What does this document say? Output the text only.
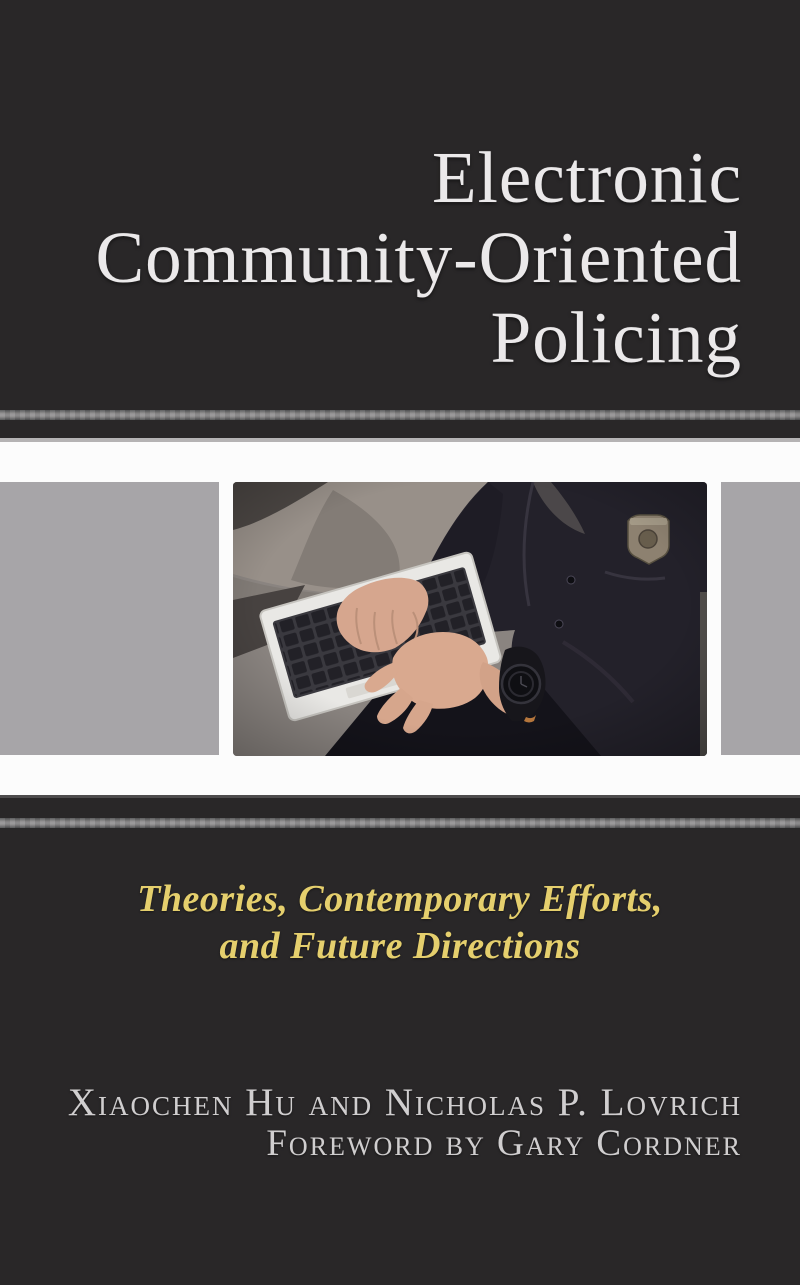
Electronic
Community-Oriented
Policing
Theories, Contemporary Efforts,
and Future Directions
Xiaochen Hu and Nicholas P. Lovrich
Foreword by Gary Cordner
